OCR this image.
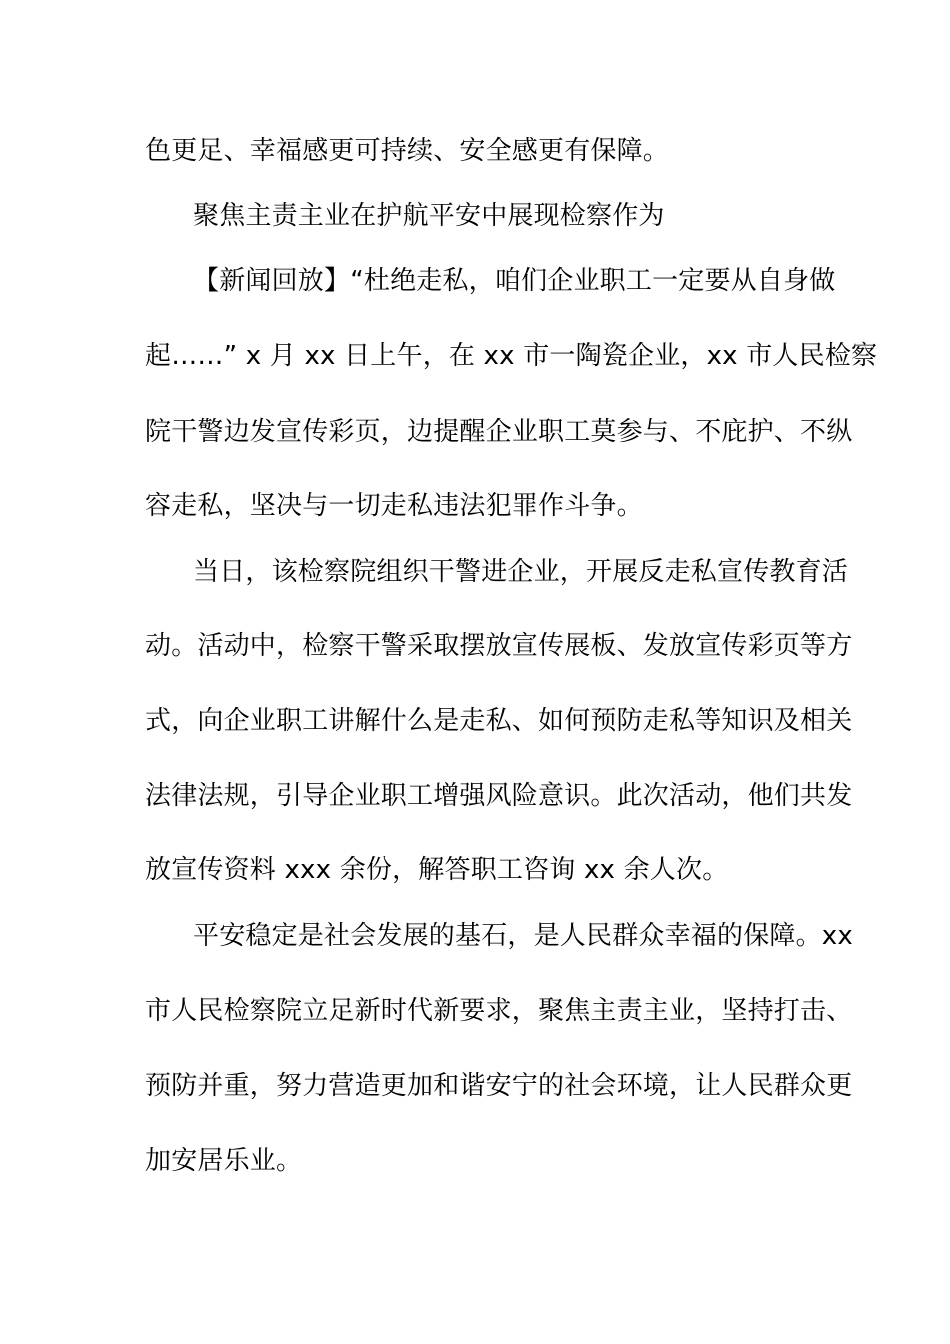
色更足、幸福感更可持续、安全感更有保障。
聚焦主责主业在护航平安中展现检察作为
【新闻回放】“杜绝走私，咱们企业职工一定要从自身做
起……” x 月 xx 日上午，在 xx 市一陶瓷企业，xx 市人民检察
院干警边发宣传彩页，边提醒企业职工莫参与、不庇护、不纵
容走私，坚决与一切走私违法犯罪作斗争。
当日，该检察院组织干警进企业，开展反走私宣传教育活
动。活动中，检察干警采取摆放宣传展板、发放宣传彩页等方
式，向企业职工讲解什么是走私、如何预防走私等知识及相关
法律法规，引导企业职工增强风险意识。此次活动，他们共发
放宣传资料 xxx 余份，解答职工咨询 xx 余人次。
平安稳定是社会发展的基石，是人民群众幸福的保障。xx
市人民检察院立足新时代新要求，聚焦主责主业，坚持打击、
预防并重，努力营造更加和谐安宁的社会环境，让人民群众更
加安居乐业。
